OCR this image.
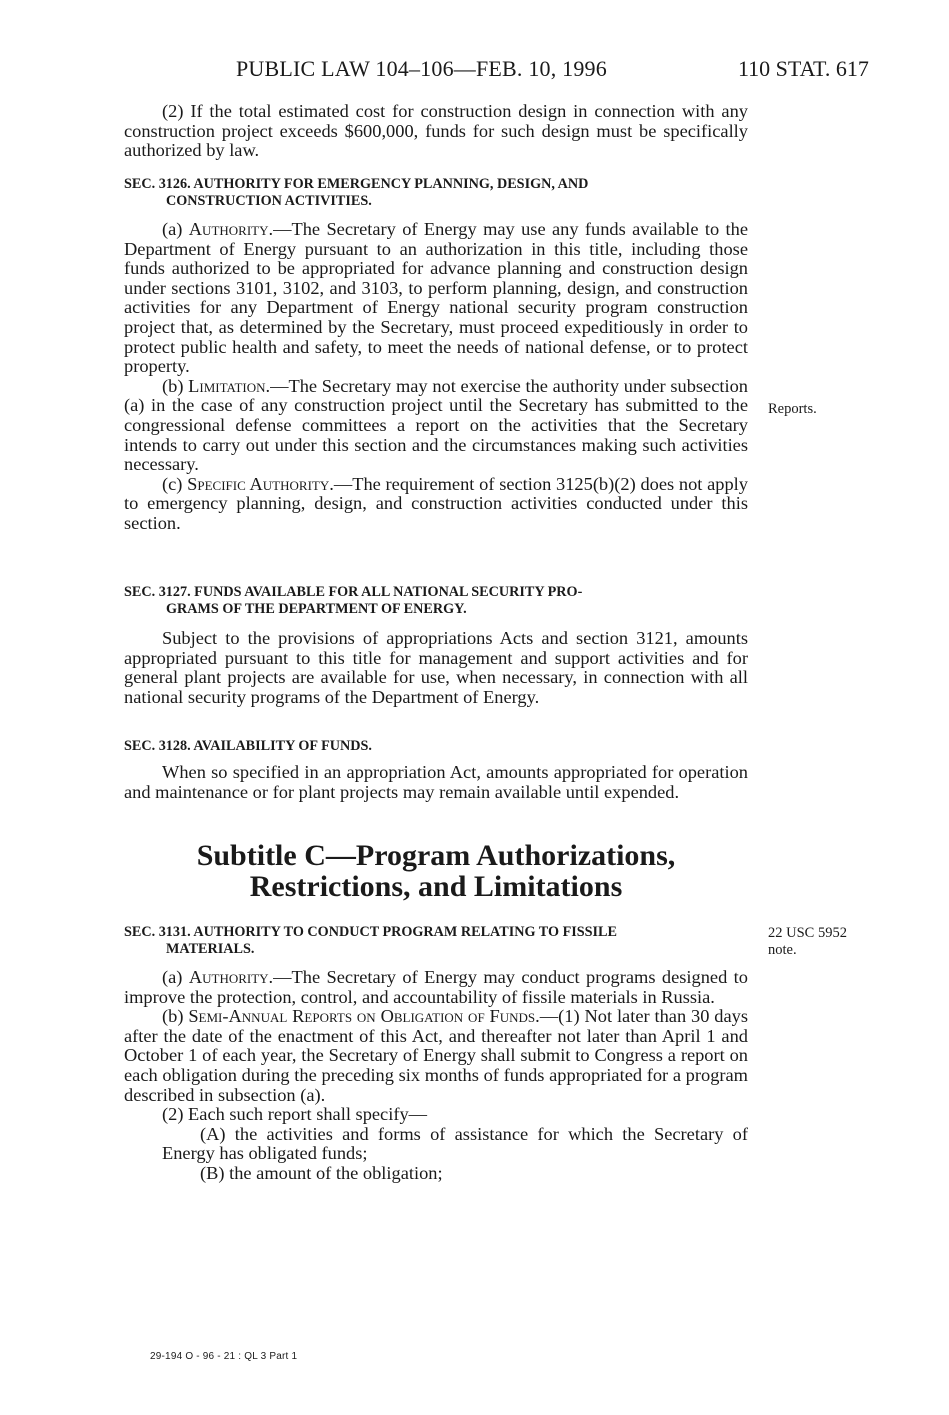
PUBLIC LAW 104–106—FEB. 10, 1996	110 STAT. 617

(2) If the total estimated cost for construction design in connection with any construction project exceeds $600,000, funds for such design must be specifically authorized by law.

SEC. 3126. AUTHORITY FOR EMERGENCY PLANNING, DESIGN, AND
CONSTRUCTION ACTIVITIES.

(a) Authority.—The Secretary of Energy may use any funds available to the Department of Energy pursuant to an authorization in this title, including those funds authorized to be appropriated for advance planning and construction design under sections 3101, 3102, and 3103, to perform planning, design, and construction activities for any Department of Energy national security program construction project that, as determined by the Secretary, must proceed expeditiously in order to protect public health and safety, to meet the needs of national defense, or to protect property.

(b) Limitation.—The Secretary may not exercise the authority under subsection (a) in the case of any construction project until the Secretary has submitted to the congressional defense committees a report on the activities that the Secretary intends to carry out under this section and the circumstances making such activities necessary.

(c) Specific Authority.—The requirement of section 3125(b)(2) does not apply to emergency planning, design, and construction activities conducted under this section.

Reports.
SEC. 3127. FUNDS AVAILABLE FOR ALL NATIONAL SECURITY PRO-
GRAMS OF THE DEPARTMENT OF ENERGY.

Subject to the provisions of appropriations Acts and section 3121, amounts appropriated pursuant to this title for management and support activities and for general plant projects are available for use, when necessary, in connection with all national security programs of the Department of Energy.

SEC. 3128. AVAILABILITY OF FUNDS.

When so specified in an appropriation Act, amounts appropriated for operation and maintenance or for plant projects may remain available until expended.

Subtitle C—Program Authorizations,
Restrictions, and Limitations
SEC. 3131. AUTHORITY TO CONDUCT PROGRAM RELATING TO FISSILE
MATERIALS.
22 USC 5952
note.

(a) Authority.—The Secretary of Energy may conduct programs designed to improve the protection, control, and accountability of fissile materials in Russia.

(b) Semi-Annual Reports on Obligation of Funds.—(1) Not later than 30 days after the date of the enactment of this Act, and thereafter not later than April 1 and October 1 of each year, the Secretary of Energy shall submit to Congress a report on each obligation during the preceding six months of funds appropriated for a program described in subsection (a).

(2) Each such report shall specify—

(A) the activities and forms of assistance for which the Secretary of Energy has obligated funds;

(B) the amount of the obligation;

29-194 O - 96 - 21 : QL 3 Part 1
